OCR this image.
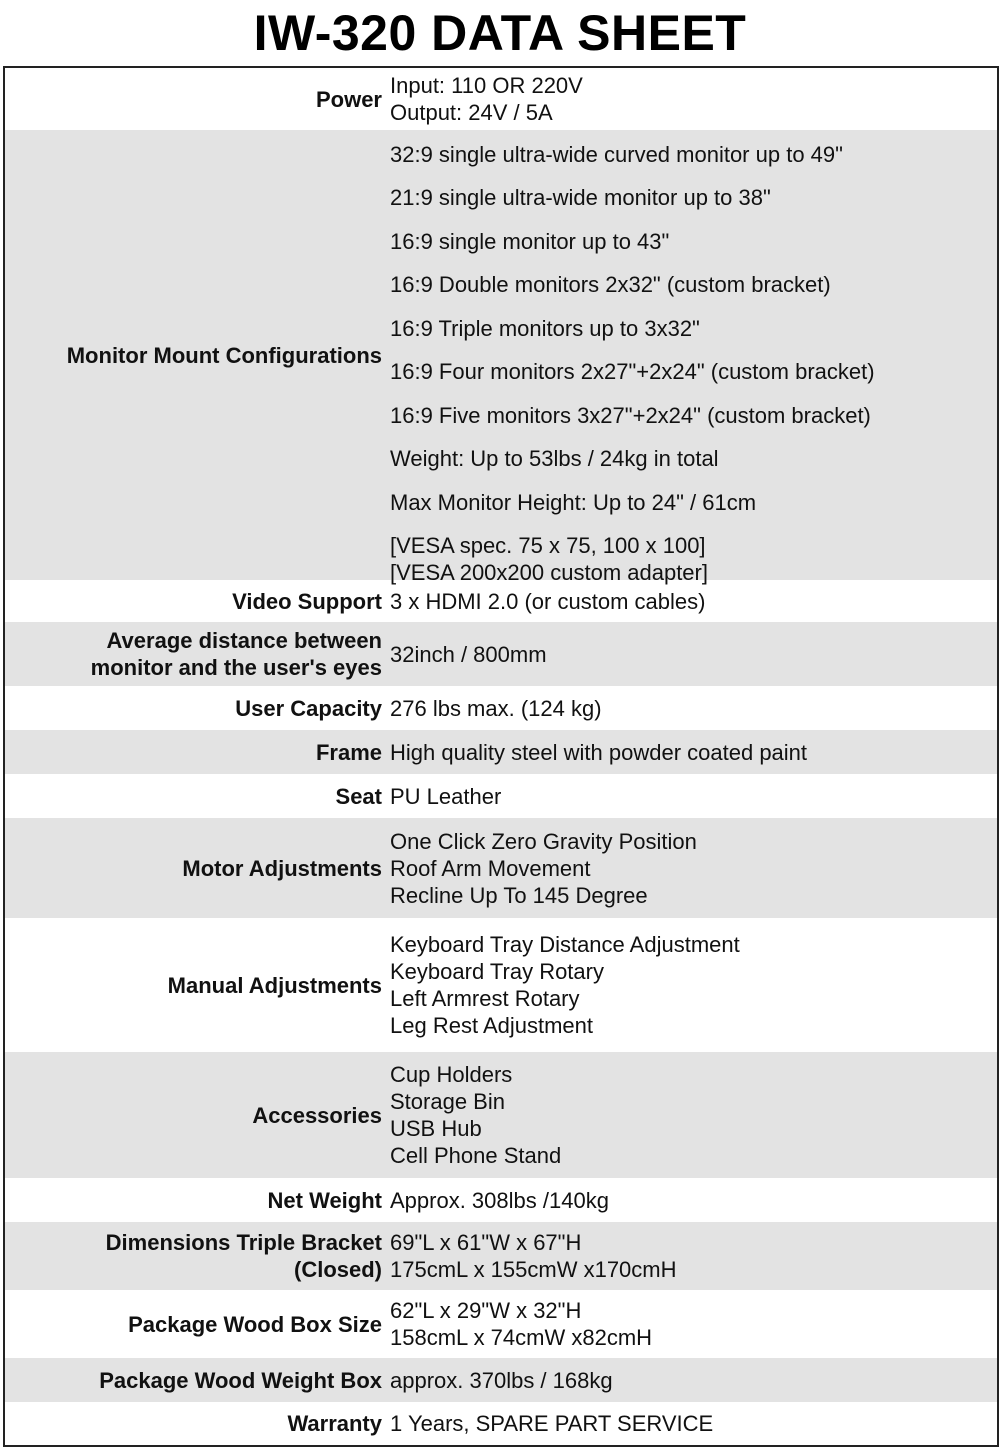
IW-320 DATA SHEET
Power
Input: 110 OR 220V
Output: 24V / 5A
Monitor Mount Configurations
32:9 single ultra-wide curved monitor up to 49"
21:9 single ultra-wide monitor up to 38"
16:9 single monitor up to 43"
16:9 Double monitors 2x32" (custom bracket)
16:9 Triple monitors up to 3x32"
16:9 Four monitors 2x27"+2x24" (custom bracket)
16:9 Five monitors 3x27"+2x24" (custom bracket)
Weight: Up to 53lbs / 24kg in total
Max Monitor Height: Up to 24" / 61cm
[VESA spec. 75 x 75, 100 x 100]
[VESA 200x200 custom adapter]
Video Support 3 x HDMI 2.0 (or custom cables)
Average distance between
monitor and the user's eyes
32inch / 800mm
User Capacity 276 lbs max. (124 kg)
Frame High quality steel with powder coated paint
Seat PU Leather
Motor Adjustments
One Click Zero Gravity Position
Roof Arm Movement
Recline Up To 145 Degree
Manual Adjustments
Keyboard Tray Distance Adjustment
Keyboard Tray Rotary
Left Armrest Rotary
Leg Rest Adjustment
Accessories
Cup Holders
Storage Bin
USB Hub
Cell Phone Stand
Net Weight Approx. 308lbs /140kg
Dimensions Triple Bracket
(Closed)
69"L x 61"W x 67"H
175cmL x 155cmW x170cmH
Package Wood Box Size
62"L x 29"W x 32"H
158cmL x 74cmW x82cmH
Package Wood Weight Box approx. 370lbs / 168kg
Warranty 1 Years, SPARE PART SERVICE
